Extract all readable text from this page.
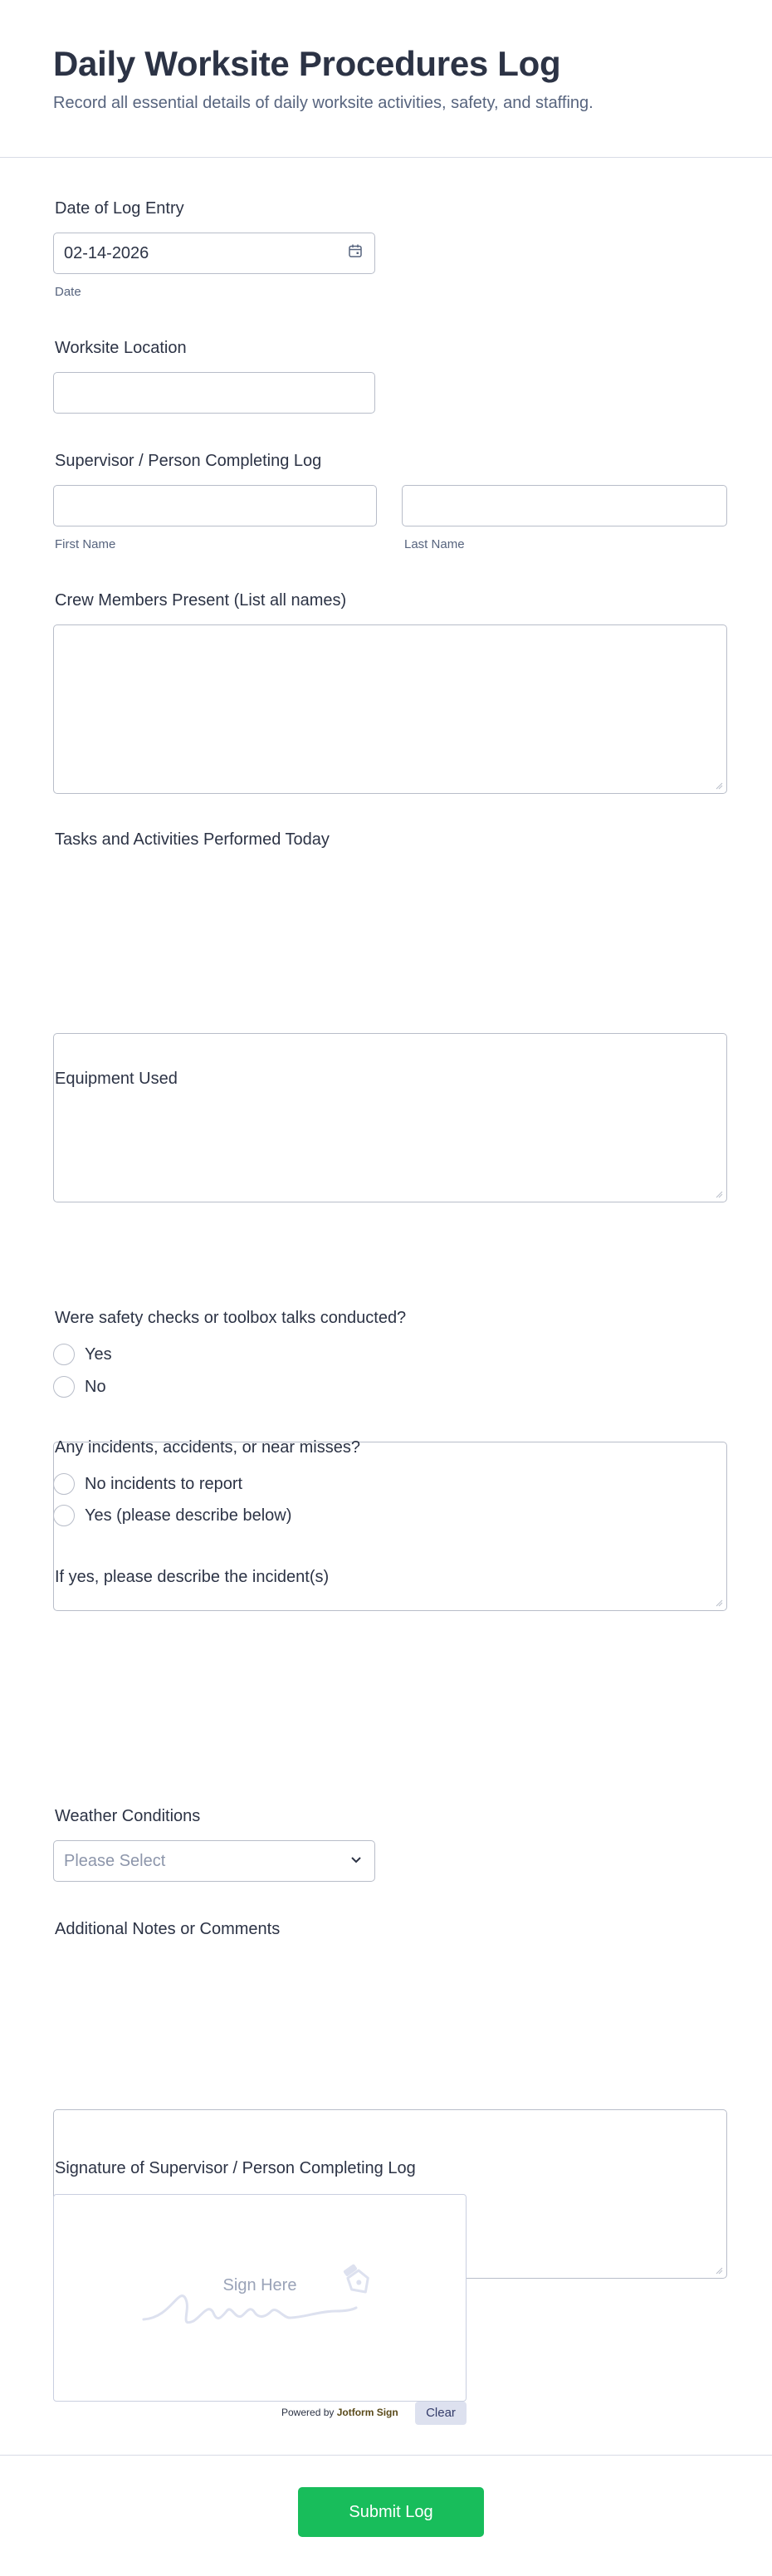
Daily Worksite Procedures Log

Record all essential details of daily worksite activities, safety, and staffing.

Date of Log Entry
02-14-2026
Date
Worksite Location
Supervisor / Person Completing Log
First Name	Last Name
Crew Members Present (List all names)
Tasks and Activities Performed Today
Equipment Used
Were safety checks or toolbox talks conducted?
Yes
No
Any incidents, accidents, or near misses?
No incidents to report
Yes (please describe below)
If yes, please describe the incident(s)
Weather Conditions
Please Select
Additional Notes or Comments
Signature of Supervisor / Person Completing Log
Sign Here
Powered by Jotform Sign	Clear
Submit Log
